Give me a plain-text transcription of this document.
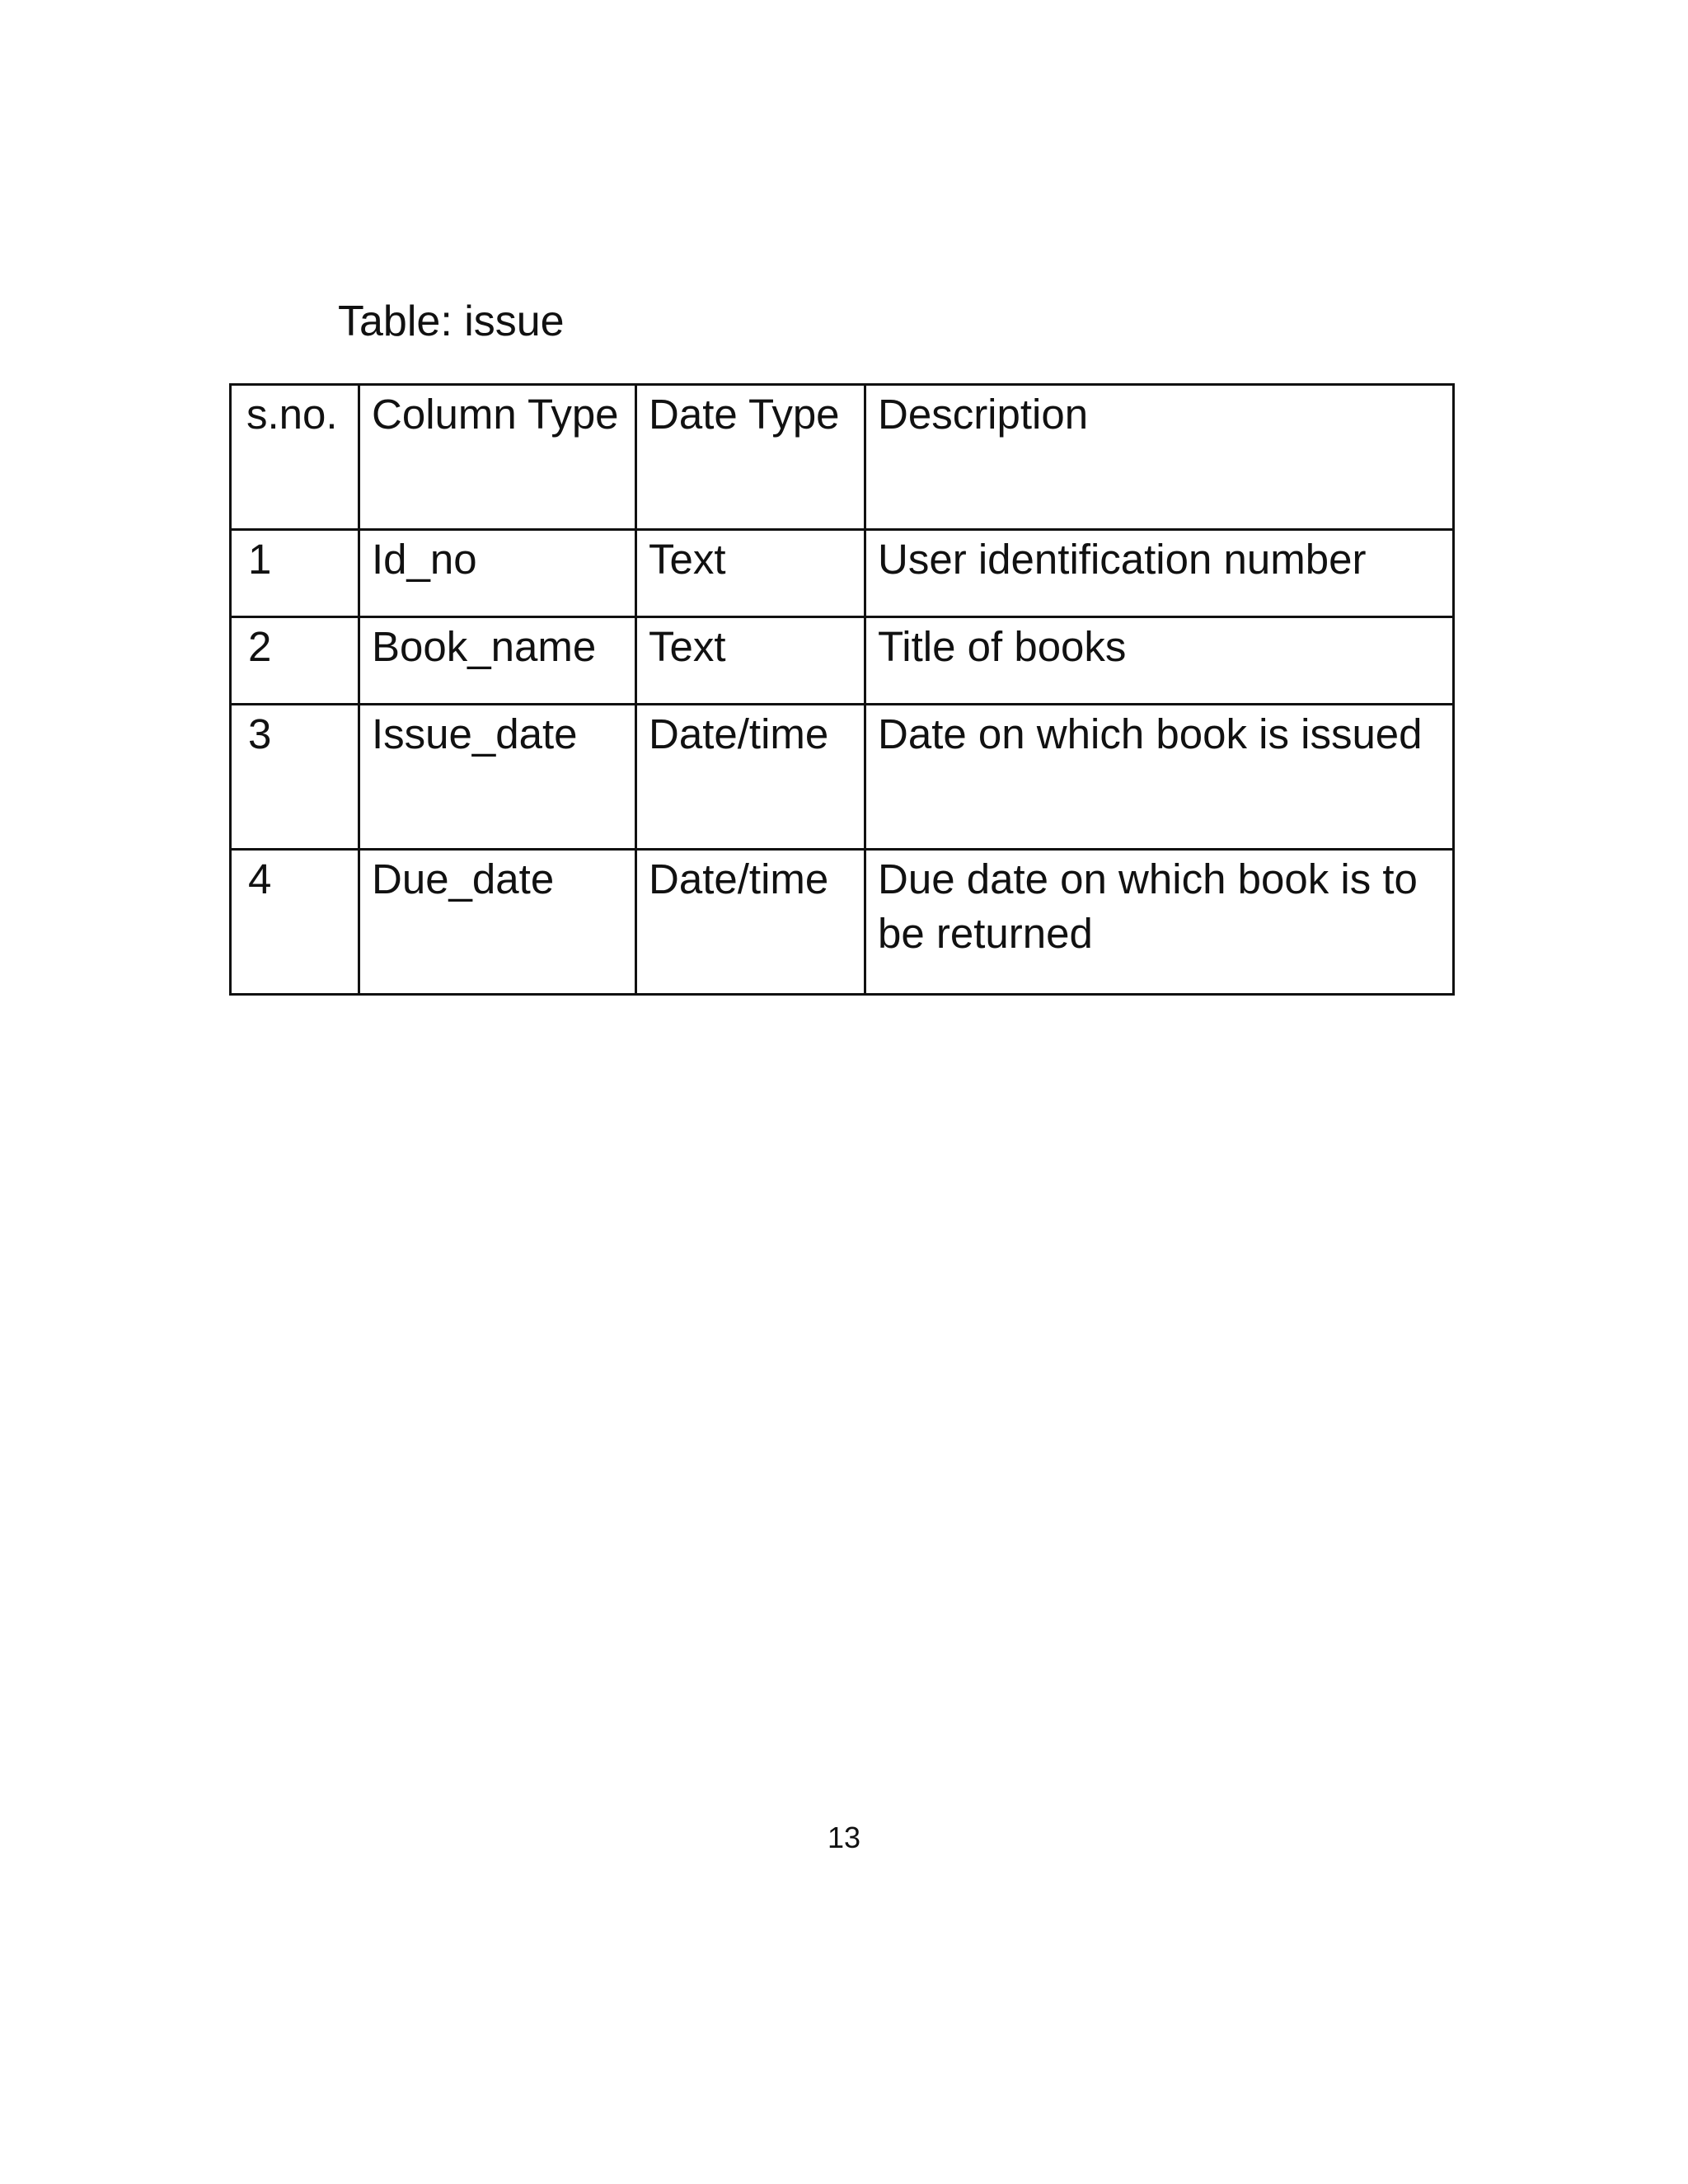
Table: issue
s.no.	Column Type	Date Type	Description
1	Id_no	Text	User identification number
2	Book_name	Text	Title of books
3	Issue_date	Date/time	Date on which book is issued
4	Due_date	Date/time	Due date on which book is to be returned
13
